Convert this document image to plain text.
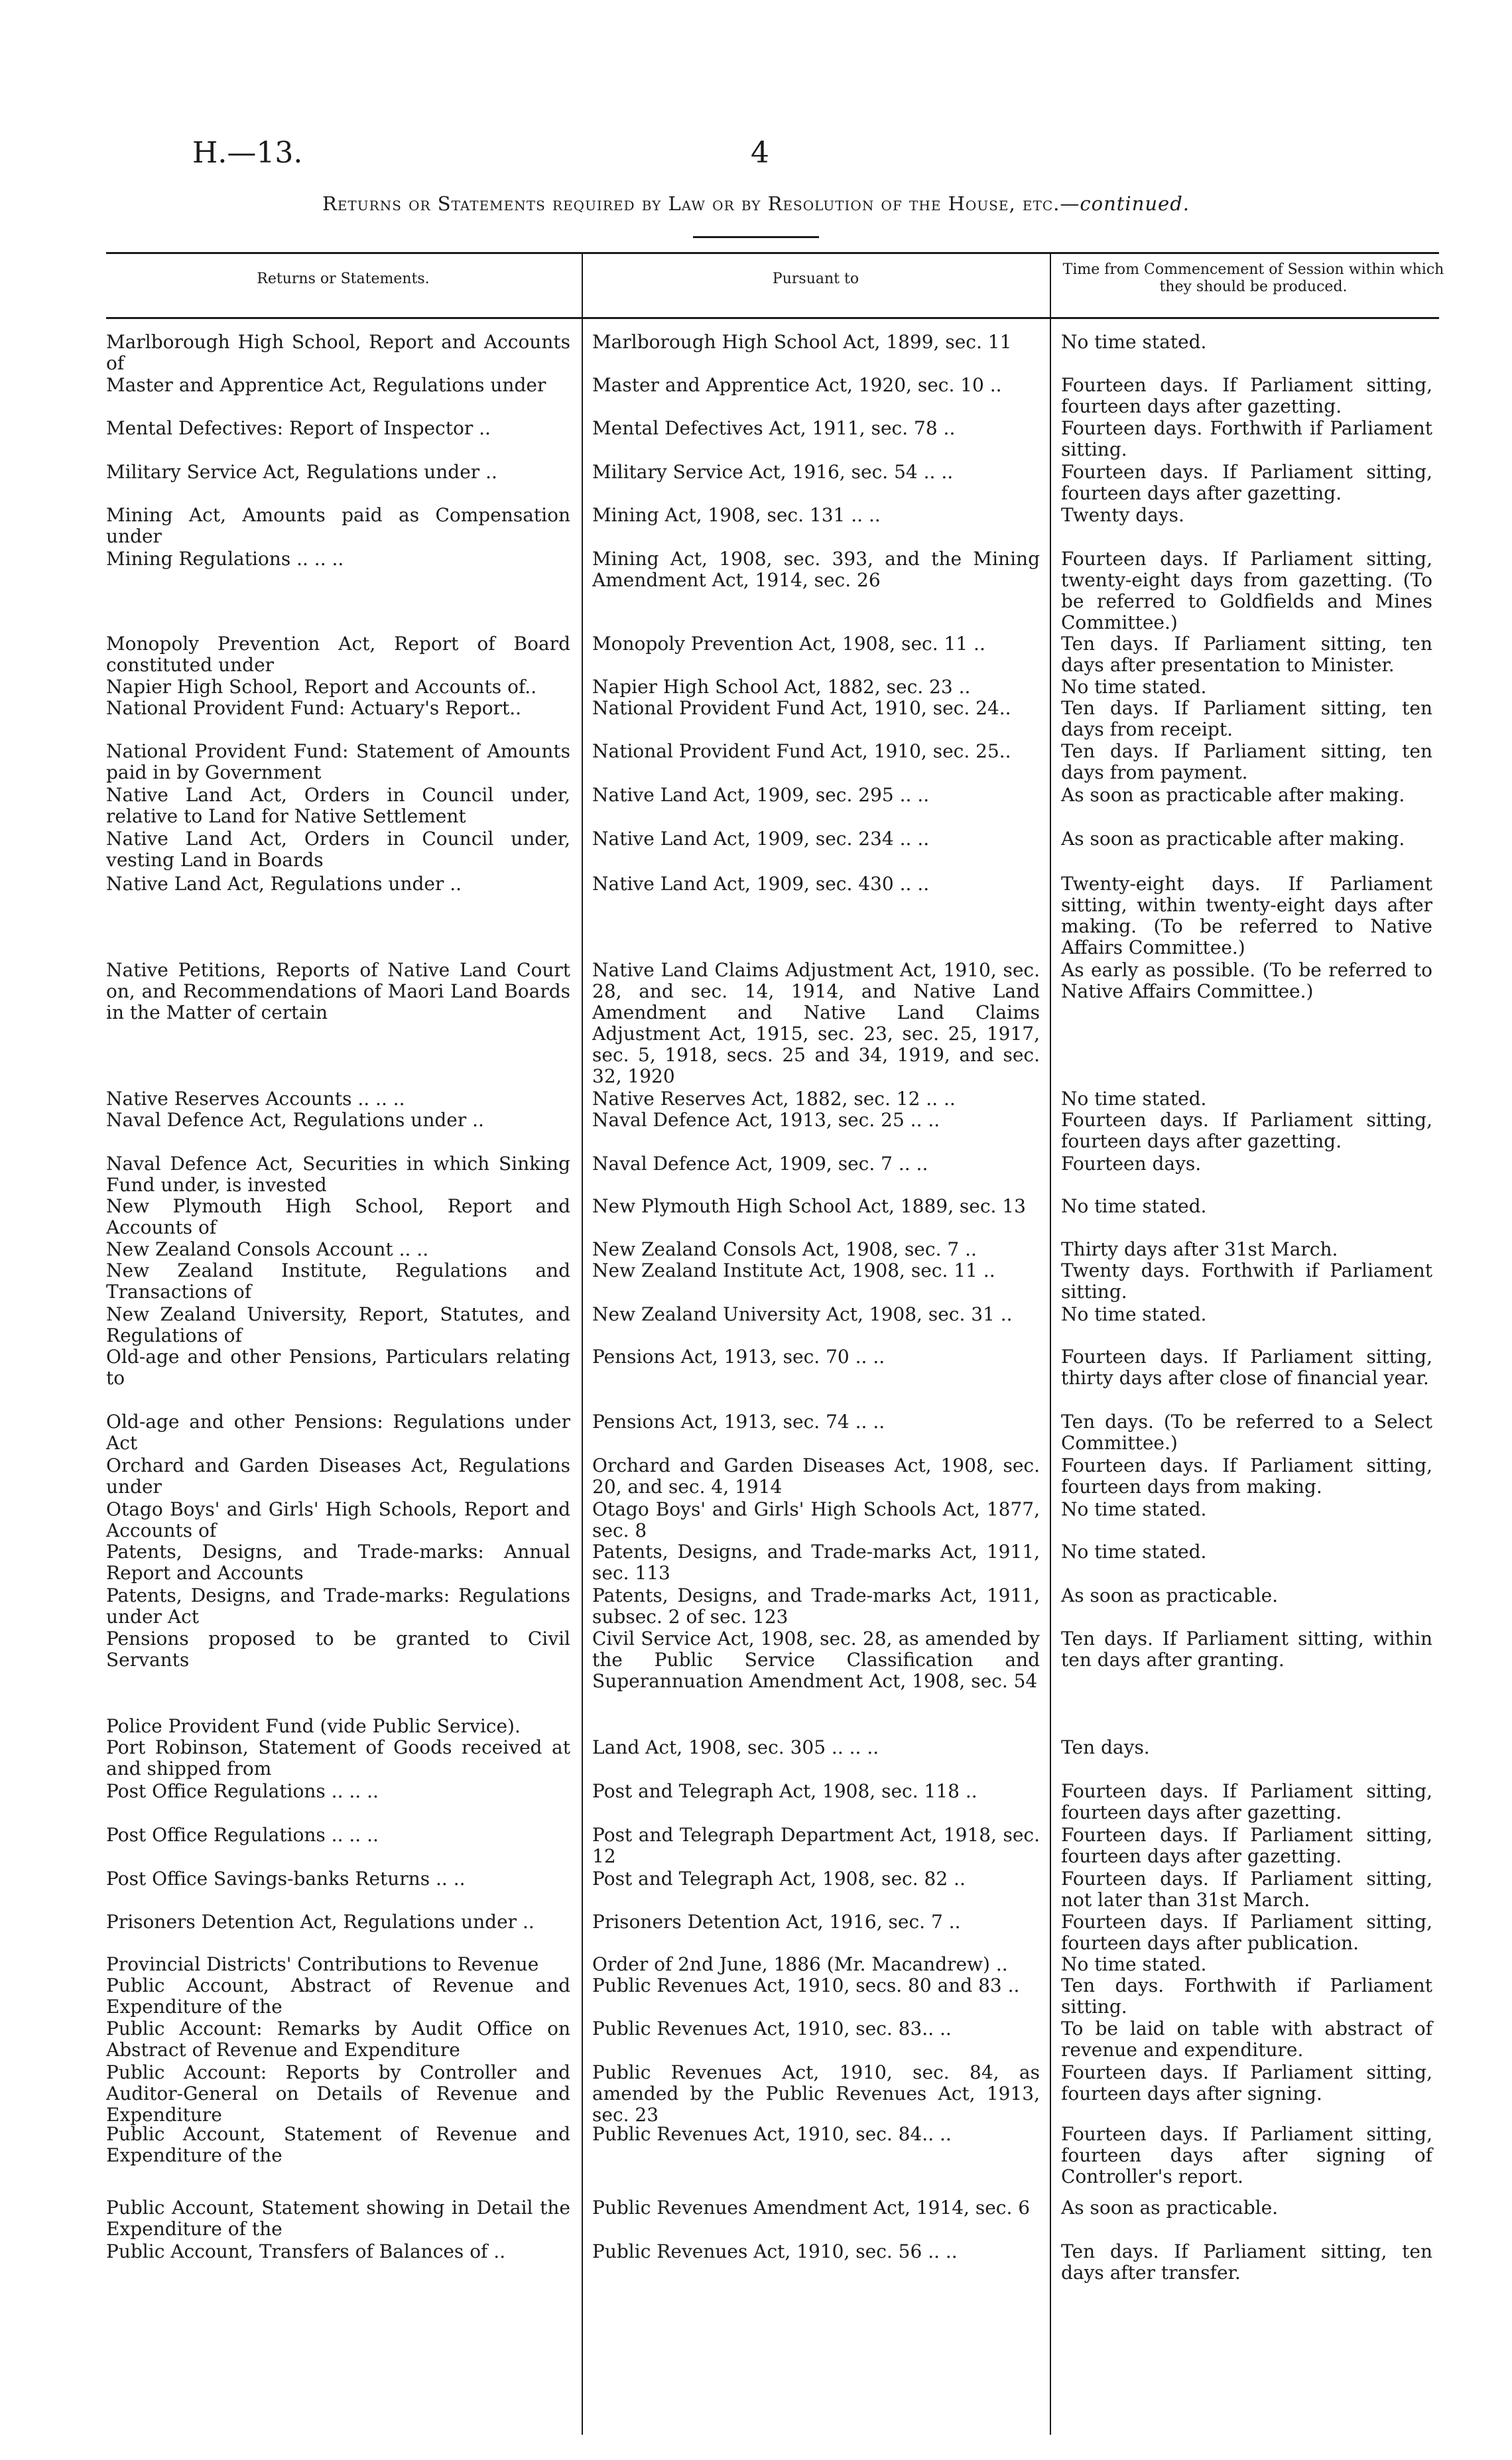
H.—13.	4
Returns or Statements required by Law or by Resolution of the House, etc.—continued.
Returns or Statements.	Pursuant to
Time from Commencement of Session within which they should be produced.
Marlborough High School, Report and Accounts of
Master and Apprentice Act, Regulations under
Mental Defectives: Report of Inspector ..
Military Service Act, Regulations under ..
Mining Act, Amounts paid as Compensation under
Mining Regulations .. .. ..
Monopoly Prevention Act, Report of Board constituted under
Napier High School, Report and Accounts of..
National Provident Fund: Actuary's Report..
National Provident Fund: Statement of Amounts paid in by Government
Native Land Act, Orders in Council under, relative to Land for Native Settlement
Native Land Act, Orders in Council under, vesting Land in Boards
Native Land Act, Regulations under ..
Native Petitions, Reports of Native Land Court on, and Recommendations of Maori Land Boards in the Matter of certain
Native Reserves Accounts .. .. ..
Naval Defence Act, Regulations under ..
Naval Defence Act, Securities in which Sinking Fund under, is invested
New Plymouth High School, Report and Accounts of
New Zealand Consols Account .. ..
New Zealand Institute, Regulations and Transactions of
New Zealand University, Report, Statutes, and Regulations of
Old-age and other Pensions, Particulars relating to
Old-age and other Pensions: Regulations under Act
Orchard and Garden Diseases Act, Regulations under
Otago Boys' and Girls' High Schools, Report and Accounts of
Patents, Designs, and Trade-marks: Annual Report and Accounts
Patents, Designs, and Trade-marks: Regulations under Act
Pensions proposed to be granted to Civil Servants
Police Provident Fund (vide Public Service).
Port Robinson, Statement of Goods received at and shipped from
Post Office Regulations .. .. ..
Post Office Regulations .. .. ..
Post Office Savings-banks Returns .. ..
Prisoners Detention Act, Regulations under ..
Provincial Districts' Contributions to Revenue
Public Account, Abstract of Revenue and Expenditure of the
Public Account: Remarks by Audit Office on Abstract of Revenue and Expenditure
Public Account: Reports by Controller and Auditor-General on Details of Revenue and Expenditure
Public Account, Statement of Revenue and Expenditure of the
Public Account, Statement showing in Detail the Expenditure of the
Public Account, Transfers of Balances of ..
Marlborough High School Act, 1899, sec. 11
Master and Apprentice Act, 1920, sec. 10 ..
Mental Defectives Act, 1911, sec. 78 ..
Military Service Act, 1916, sec. 54 .. ..
Mining Act, 1908, sec. 131 .. ..
Mining Act, 1908, sec. 393, and the Mining Amendment Act, 1914, sec. 26
Monopoly Prevention Act, 1908, sec. 11 ..
Napier High School Act, 1882, sec. 23 ..
National Provident Fund Act, 1910, sec. 24..
National Provident Fund Act, 1910, sec. 25..
Native Land Act, 1909, sec. 295 .. ..
Native Land Act, 1909, sec. 234 .. ..
Native Land Act, 1909, sec. 430 .. ..
Native Land Claims Adjustment Act, 1910, sec. 28, and sec. 14, 1914, and Native Land Amendment and Native Land Claims Adjustment Act, 1915, sec. 23, sec. 25, 1917, sec. 5, 1918, secs. 25 and 34, 1919, and sec. 32, 1920
Native Reserves Act, 1882, sec. 12 .. ..
Naval Defence Act, 1913, sec. 25 .. ..
Naval Defence Act, 1909, sec. 7 .. ..
New Plymouth High School Act, 1889, sec. 13
New Zealand Consols Act, 1908, sec. 7 ..
New Zealand Institute Act, 1908, sec. 11 ..
New Zealand University Act, 1908, sec. 31 ..
Pensions Act, 1913, sec. 70 .. ..
Pensions Act, 1913, sec. 74 .. ..
Orchard and Garden Diseases Act, 1908, sec. 20, and sec. 4, 1914
Otago Boys' and Girls' High Schools Act, 1877, sec. 8
Patents, Designs, and Trade-marks Act, 1911, sec. 113
Patents, Designs, and Trade-marks Act, 1911, subsec. 2 of sec. 123
Civil Service Act, 1908, sec. 28, as amended by the Public Service Classification and Superannuation Amendment Act, 1908, sec. 54
Land Act, 1908, sec. 305 .. .. ..
Post and Telegraph Act, 1908, sec. 118 ..
Post and Telegraph Department Act, 1918, sec. 12
Post and Telegraph Act, 1908, sec. 82 ..
Prisoners Detention Act, 1916, sec. 7 ..
Order of 2nd June, 1886 (Mr. Macandrew) ..
Public Revenues Act, 1910, secs. 80 and 83 ..
Public Revenues Act, 1910, sec. 83.. ..
Public Revenues Act, 1910, sec. 84, as amended by the Public Revenues Act, 1913, sec. 23
Public Revenues Act, 1910, sec. 84.. ..
Public Revenues Amendment Act, 1914, sec. 6
Public Revenues Act, 1910, sec. 56 .. ..
No time stated.
Fourteen days. If Parliament sitting, fourteen days after gazetting.
Fourteen days. Forthwith if Parliament sitting.
Fourteen days. If Parliament sitting, fourteen days after gazetting.
Twenty days.
Fourteen days. If Parliament sitting, twenty-eight days from gazetting. (To be referred to Goldfields and Mines Committee.)
Ten days. If Parliament sitting, ten days after presentation to Minister.
No time stated.
Ten days. If Parliament sitting, ten days from receipt.
Ten days. If Parliament sitting, ten days from payment.
As soon as practicable after making.
As soon as practicable after making.
Twenty-eight days. If Parliament sitting, within twenty-eight days after making. (To be referred to Native Affairs Committee.)
As early as possible. (To be referred to Native Affairs Committee.)
No time stated.
Fourteen days. If Parliament sitting, fourteen days after gazetting.
Fourteen days.
No time stated.
Thirty days after 31st March.
Twenty days. Forthwith if Parliament sitting.
No time stated.
Fourteen days. If Parliament sitting, thirty days after close of financial year.
Ten days. (To be referred to a Select Committee.)
Fourteen days. If Parliament sitting, fourteen days from making.
No time stated.
No time stated.
As soon as practicable.
Ten days. If Parliament sitting, within ten days after granting.
Ten days.
Fourteen days. If Parliament sitting, fourteen days after gazetting.
Fourteen days. If Parliament sitting, fourteen days after gazetting.
Fourteen days. If Parliament sitting, not later than 31st March.
Fourteen days. If Parliament sitting, fourteen days after publication.
No time stated.
Ten days. Forthwith if Parliament sitting.
To be laid on table with abstract of revenue and expenditure.
Fourteen days. If Parliament sitting, fourteen days after signing.
Fourteen days. If Parliament sitting, fourteen days after signing of Controller's report.
As soon as practicable.
Ten days. If Parliament sitting, ten days after transfer.
